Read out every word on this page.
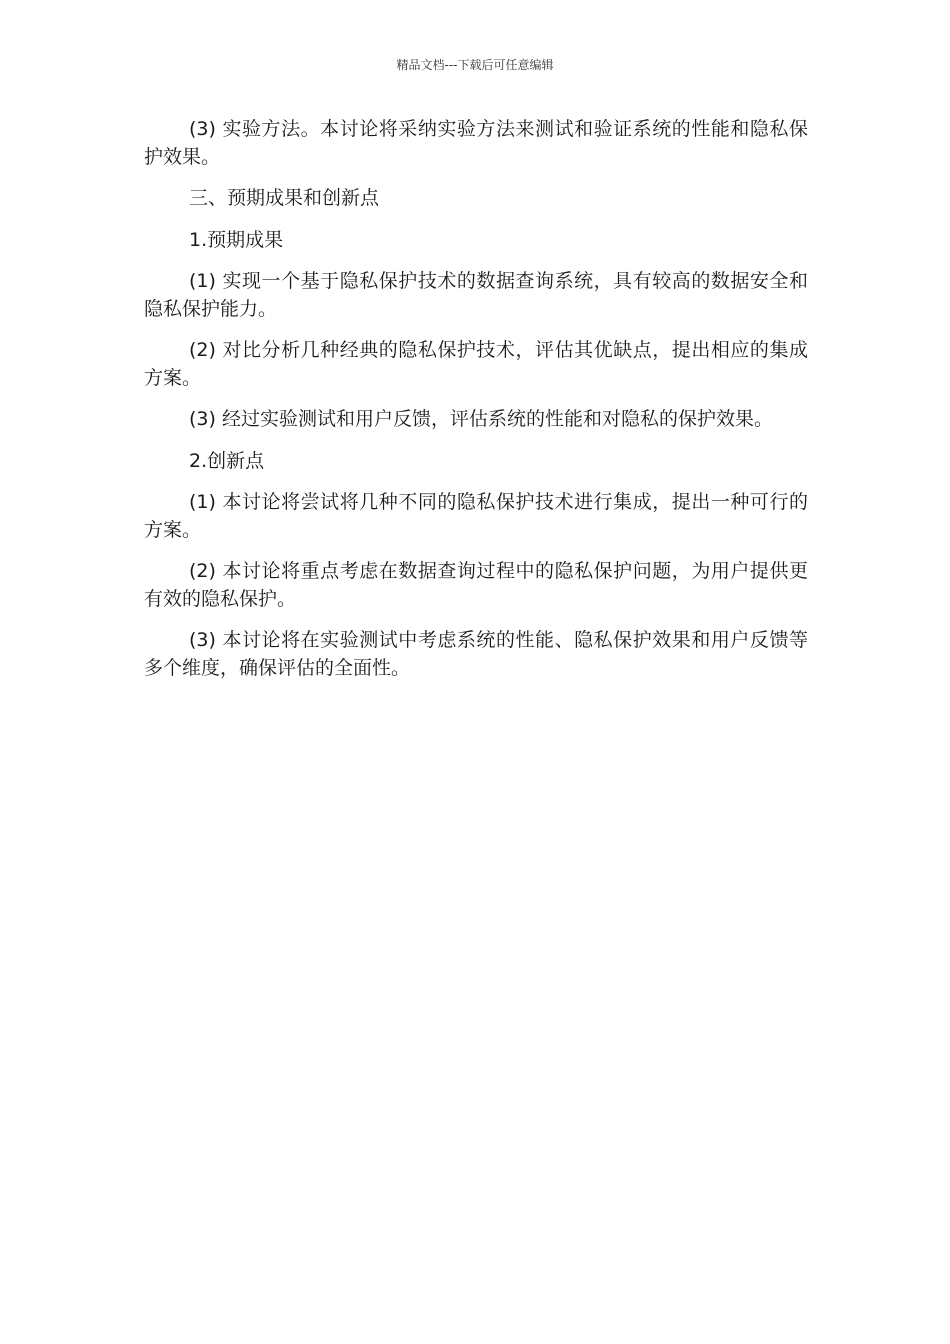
精品文档---下载后可任意编辑

(3) 实验方法。本讨论将采纳实验方法来测试和验证系统的性能和隐私保护效果。

三、预期成果和创新点

1.预期成果

(1) 实现一个基于隐私保护技术的数据查询系统，具有较高的数据安全和隐私保护能力。

(2) 对比分析几种经典的隐私保护技术，评估其优缺点，提出相应的集成方案。

(3) 经过实验测试和用户反馈，评估系统的性能和对隐私的保护效果。

2.创新点

(1) 本讨论将尝试将几种不同的隐私保护技术进行集成，提出一种可行的方案。

(2) 本讨论将重点考虑在数据查询过程中的隐私保护问题，为用户提供更有效的隐私保护。

(3) 本讨论将在实验测试中考虑系统的性能、隐私保护效果和用户反馈等多个维度，确保评估的全面性。
